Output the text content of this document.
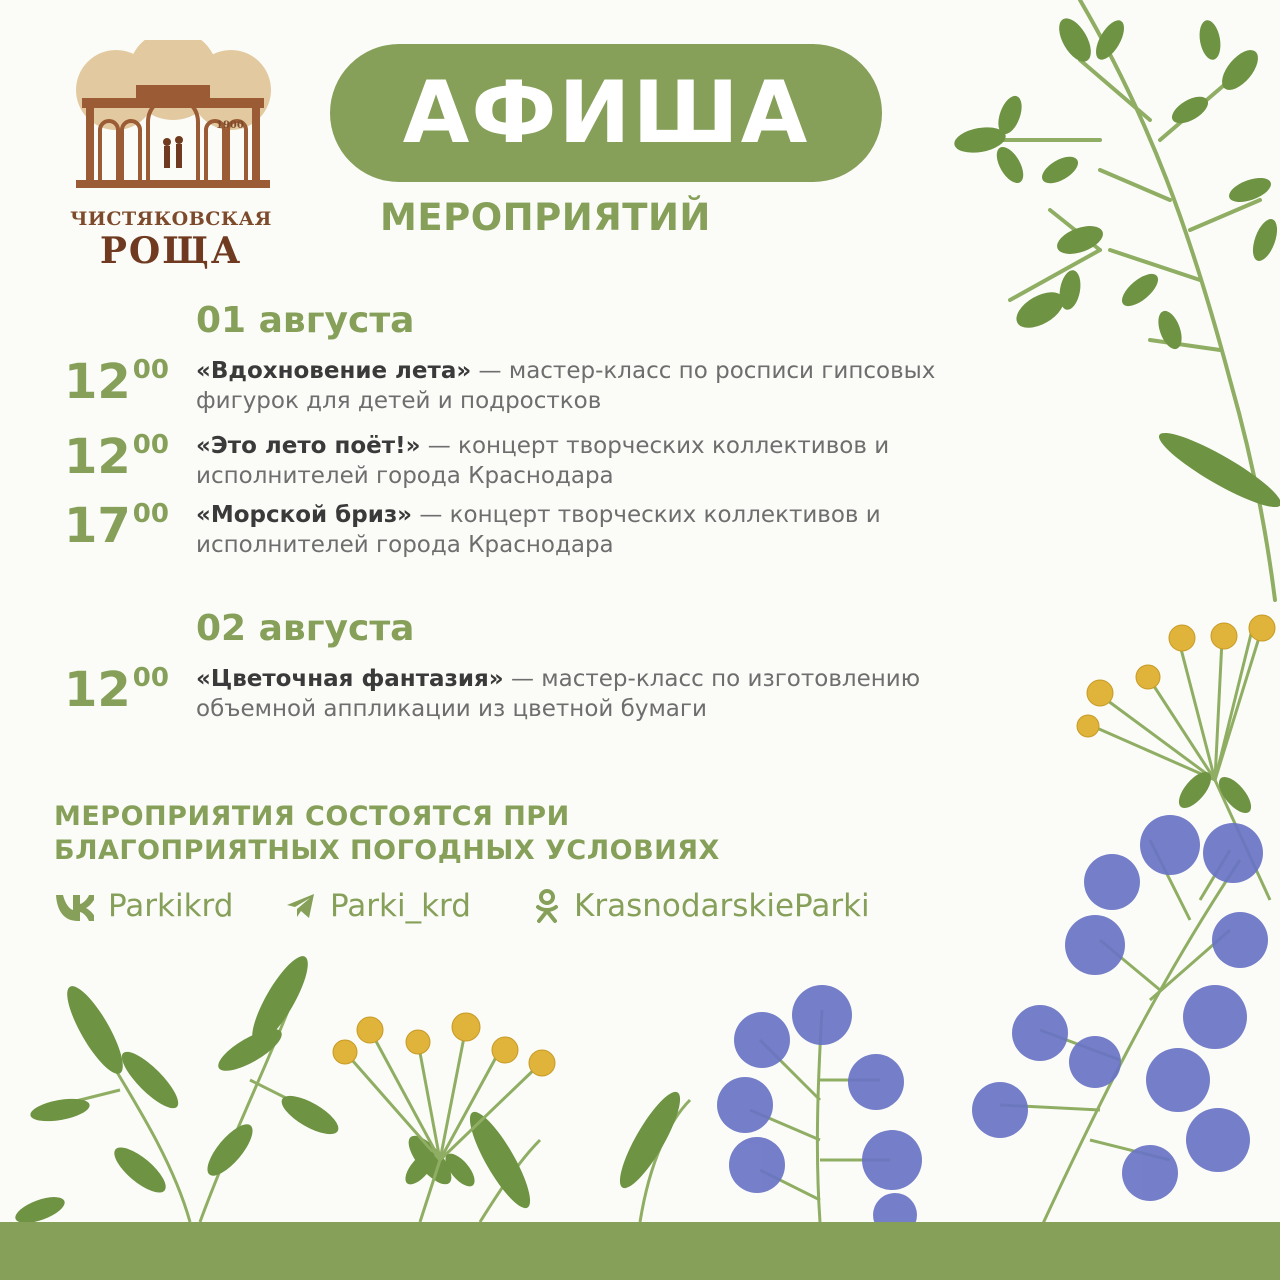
1900
ЧИСТЯКОВСКАЯ
РОЩА
АФИША
МЕРОПРИЯТИЙ
01 августа
$12^{00}$ «Вдохновение лета» — мастер-класс по росписи гипсовых фигурок для детей и подростков
$12^{00}$ «Это лето поёт!» — концерт творческих коллективов и исполнителей города Краснодара
$17^{00}$ «Морской бриз» — концерт творческих коллективов и исполнителей города Краснодара
02 августа
$12^{00}$ «Цветочная фантазия» — мастер-класс по изготовлению объемной аппликации из цветной бумаги
МЕРОПРИЯТИЯ СОСТОЯТСЯ ПРИ
БЛАГОПРИЯТНЫХ ПОГОДНЫХ УСЛОВИЯХ
Parkikrd	Parki_krd	KrasnodarskieParki
